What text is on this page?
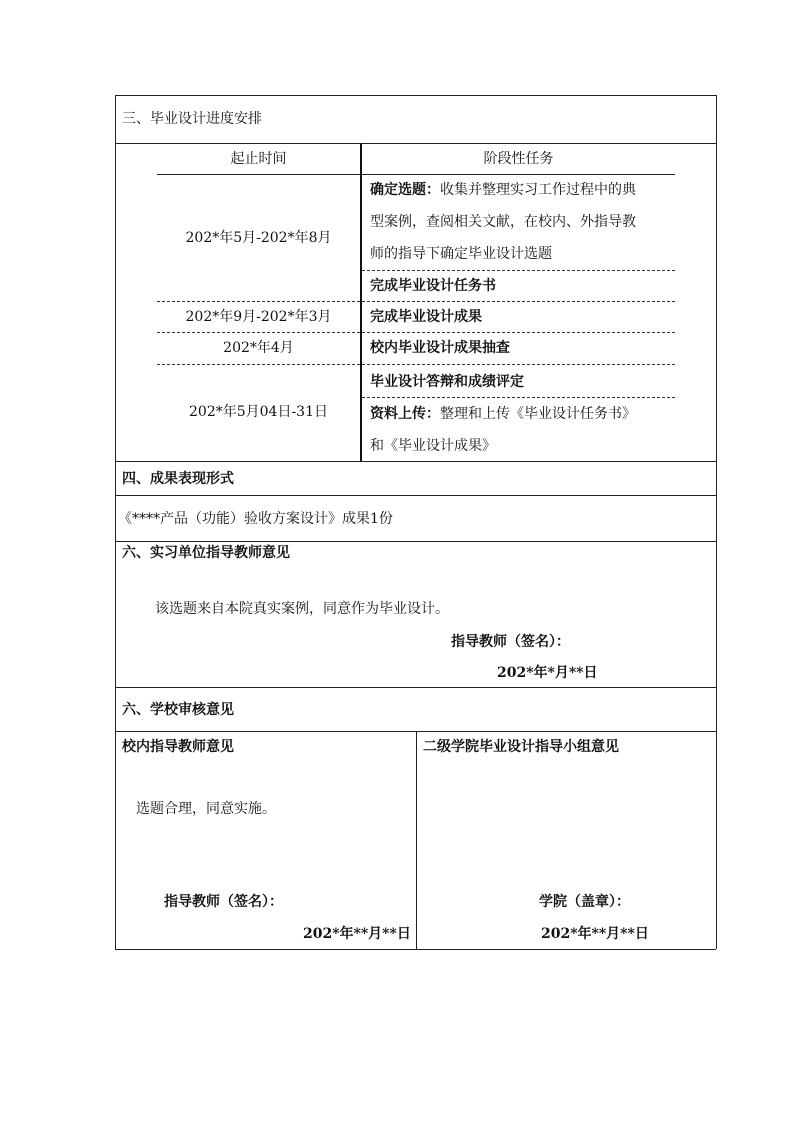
三、毕业设计进度安排
起止时间	阶段性任务
202*年5月-202*年8月
202*年9月-202*年3月
202*年4月
202*年5月04日-31日
确定选题：收集并整理实习工作过程中的典
型案例，查阅相关文献，在校内、外指导教
师的指导下确定毕业设计选题
完成毕业设计任务书
完成毕业设计成果
校内毕业设计成果抽查
毕业设计答辩和成绩评定
资料上传：整理和上传《毕业设计任务书》
和《毕业设计成果》
四、成果表现形式
《****产品（功能）验收方案设计》成果1份
六、实习单位指导教师意见
该选题来自本院真实案例，同意作为毕业设计。
指导教师（签名）：
202*年*月**日
六、学校审核意见
校内指导教师意见
选题合理，同意实施。
指导教师（签名）：
202*年**月**日
二级学院毕业设计指导小组意见
学院（盖章）：
202*年**月**日
